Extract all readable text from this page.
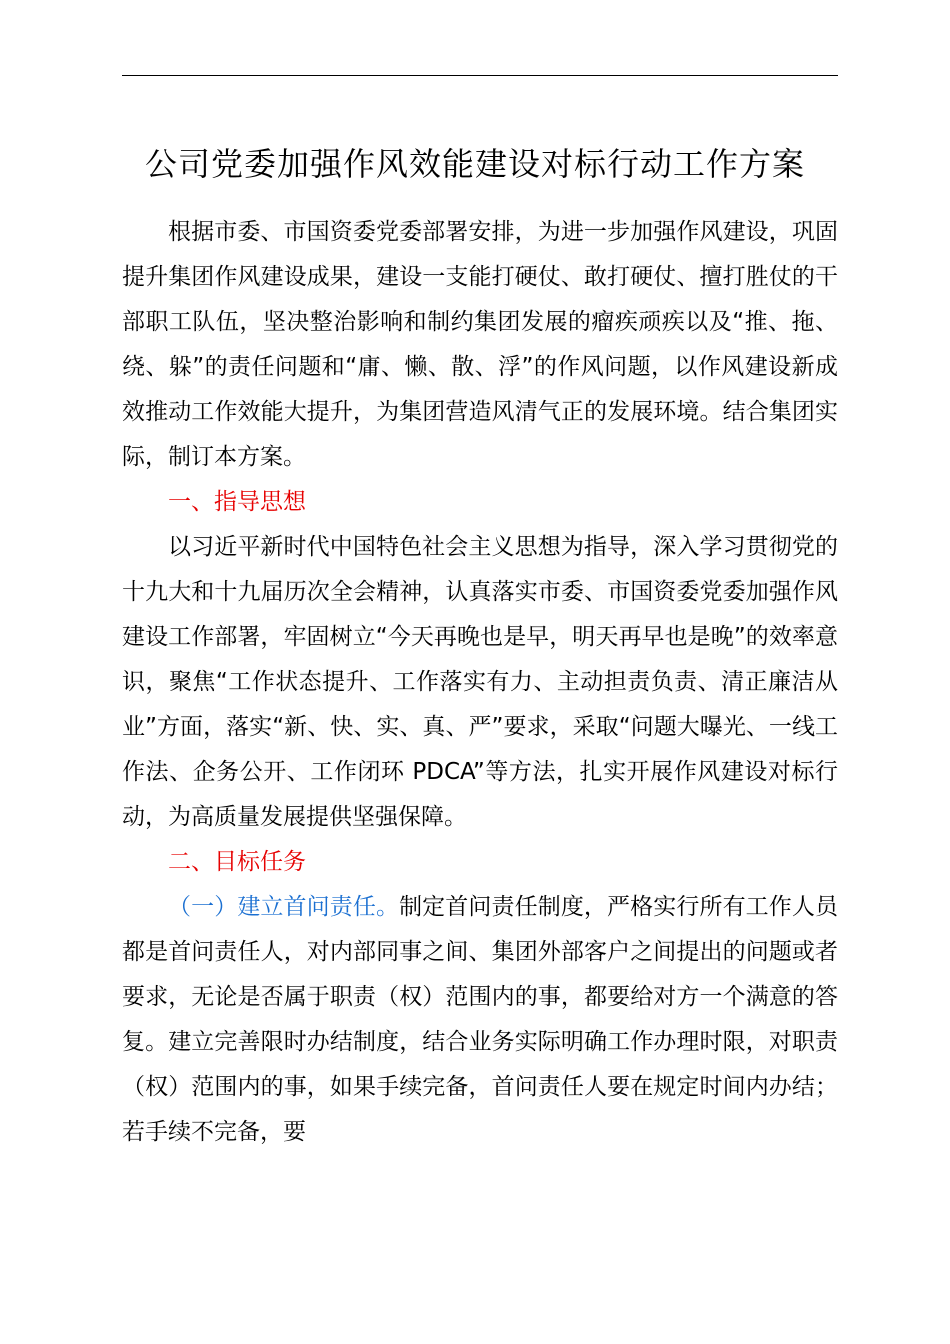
公司党委加强作风效能建设对标行动工作方案

根据市委、市国资委党委部署安排，为进一步加强作风建设，巩固提升集团作风建设成果，建设一支能打硬仗、敢打硬仗、擅打胜仗的干部职工队伍，坚决整治影响和制约集团发展的瘤疾顽疾以及“推、拖、绕、躲”的责任问题和“庸、懒、散、浮”的作风问题，以作风建设新成效推动工作效能大提升，为集团营造风清气正的发展环境。结合集团实际，制订本方案。

一、指导思想

以习近平新时代中国特色社会主义思想为指导，深入学习贯彻党的十九大和十九届历次全会精神，认真落实市委、市国资委党委加强作风建设工作部署，牢固树立“今天再晚也是早，明天再早也是晚”的效率意识，聚焦“工作状态提升、工作落实有力、主动担责负责、清正廉洁从业”方面，落实“新、快、实、真、严”要求，采取“问题大曝光、一线工作法、企务公开、工作闭环 PDCA”等方法，扎实开展作风建设对标行动，为高质量发展提供坚强保障。

二、目标任务

（一）建立首问责任。制定首问责任制度，严格实行所有工作人员都是首问责任人，对内部同事之间、集团外部客户之间提出的问题或者要求，无论是否属于职责（权）范围内的事，都要给对方一个满意的答复。建立完善限时办结制度，结合业务实际明确工作办理时限，对职责（权）范围内的事，如果手续完备，首问责任人要在规定时间内办结；若手续不完备，要
